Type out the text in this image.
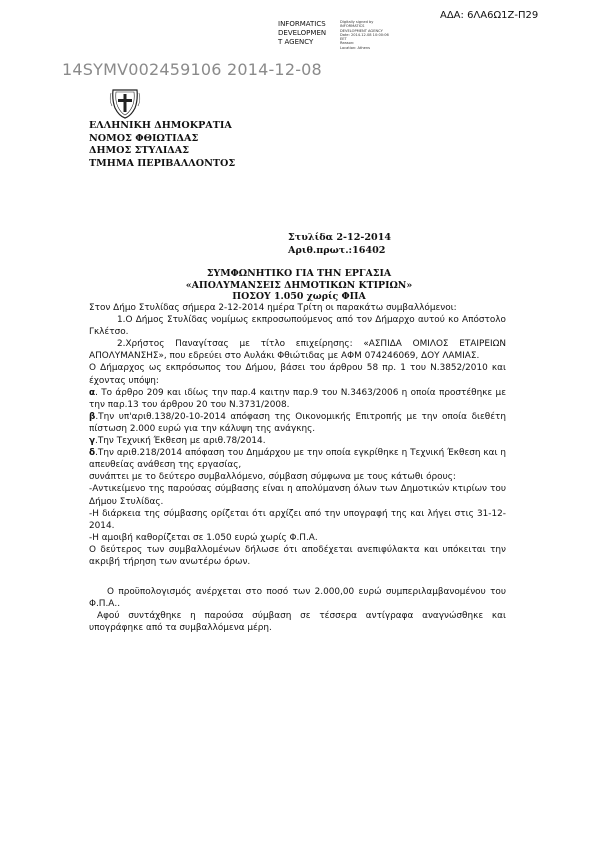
ΑΔΑ: 6ΛΑ6Ω1Ζ-Π29
INFORMATICS
DEVELOPMEN
T AGENCY
Digitally signed by
INFORMATICS
DEVELOPMENT AGENCY
Date: 2014.12.08 10:00:06
EET
Reason:
Location: Athens
14SYMV002459106 2014-12-08
ΕΛΛΗΝΙΚΗ ΔΗΜΟΚΡΑΤΙΑ
ΝΟΜΟΣ ΦΘΙΩΤΙΔΑΣ
ΔΗΜΟΣ ΣΤΥΛΙΔΑΣ
ΤΜΗΜΑ ΠΕΡΙΒΑΛΛΟΝΤΟΣ
Στυλίδα 2-12-2014
Αριθ.πρωτ.:16402
ΣΥΜΦΩΝΗΤΙΚΟ ΓΙΑ ΤΗΝ ΕΡΓΑΣΙΑ
«ΑΠΟΛΥΜΑΝΣΕΙΣ ΔΗΜΟΤΙΚΩΝ ΚΤΙΡΙΩΝ»
ΠΟΣΟΥ 1.050 χωρίς ΦΠΑ

Στον Δήμο Στυλίδας σήμερα 2-12-2014 ημέρα Τρίτη οι παρακάτω συμβαλλόμενοι:

1.Ο Δήμος Στυλίδας νομίμως εκπροσωπούμενος από τον Δήμαρχο αυτού κο Απόστολο Γκλέτσο.

2.Χρήστος Παναγίτσας με τίτλο επιχείρησης: «ΑΣΠΙΔΑ ΟΜΙΛΟΣ ΕΤΑΙΡΕΙΩΝ ΑΠΟΛΥΜΑΝΣΗΣ», που εδρεύει στο Αυλάκι Φθιώτιδας με ΑΦΜ 074246069, ΔΟΥ ΛΑΜΙΑΣ.

Ο Δήμαρχος ως εκπρόσωπος του Δήμου, βάσει του άρθρου 58 πρ. 1 του Ν.3852/2010 και έχοντας υπόψη:

α. Το άρθρο 209 και ιδίως την παρ.4 καιτην παρ.9 του Ν.3463/2006 η οποία προστέθηκε με την παρ.13 του άρθρου 20 του Ν.3731/2008.

β.Την υπ'αριθ.138/20-10-2014 απόφαση της Οικονομικής Επιτροπής με την οποία διεθέτη πίστωση 2.000 ευρώ για την κάλυψη της ανάγκης.

γ.Την Τεχνική Έκθεση με αριθ.78/2014.

δ.Την αριθ.218/2014 απόφαση του Δημάρχου με την οποία εγκρίθηκε η Τεχνική Έκθεση και η απευθείας ανάθεση της εργασίας,

συνάπτει με το δεύτερο συμβαλλόμενο, σύμβαση σύμφωνα με τους κάτωθι όρους:

-Αντικείμενο της παρούσας σύμβασης είναι η απολύμανση όλων των Δημοτικών κτιρίων του Δήμου Στυλίδας.

-Η διάρκεια της σύμβασης ορίζεται ότι αρχίζει από την υπογραφή της και λήγει στις 31-12-2014.

-Η αμοιβή καθορίζεται σε 1.050 ευρώ χωρίς Φ.Π.Α.

Ο δεύτερος των συμβαλλομένων δήλωσε ότι αποδέχεται ανεπιφύλακτα και υπόκειται την ακριβή τήρηση των ανωτέρω όρων.

Ο προϋπολογισμός ανέρχεται στο ποσό των 2.000,00 ευρώ συμπεριλαμβανομένου του Φ.Π.Α..

Αφού συντάχθηκε η παρούσα σύμβαση σε τέσσερα αντίγραφα αναγνώσθηκε και υπογράφηκε από τα συμβαλλόμενα μέρη.
